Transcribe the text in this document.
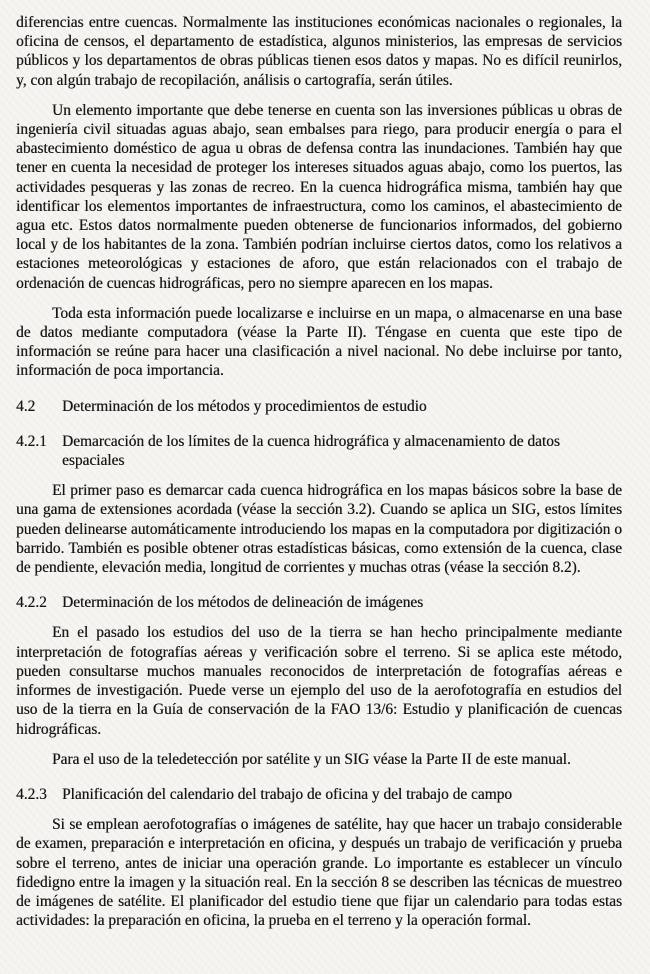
diferencias entre cuencas. Normalmente las instituciones económicas nacionales o regionales, la oficina de censos, el departamento de estadística, algunos ministerios, las empresas de servicios públicos y los departamentos de obras públicas tienen esos datos y mapas. No es difícil reunirlos, y, con algún trabajo de recopilación, análisis o cartografía, serán útiles.

Un elemento importante que debe tenerse en cuenta son las inversiones públicas u obras de ingeniería civil situadas aguas abajo, sean embalses para riego, para producir energía o para el abastecimiento doméstico de agua u obras de defensa contra las inundaciones. También hay que tener en cuenta la necesidad de proteger los intereses situados aguas abajo, como los puertos, las actividades pesqueras y las zonas de recreo. En la cuenca hidrográfica misma, también hay que identificar los elementos importantes de infraestructura, como los caminos, el abastecimiento de agua etc. Estos datos normalmente pueden obtenerse de funcionarios informados, del gobierno local y de los habitantes de la zona. También podrían incluirse ciertos datos, como los relativos a estaciones meteorológicas y estaciones de aforo, que están relacionados con el trabajo de ordenación de cuencas hidrográficas, pero no siempre aparecen en los mapas.

Toda esta información puede localizarse e incluirse en un mapa, o almacenarse en una base de datos mediante computadora (véase la Parte II). Téngase en cuenta que este tipo de información se reúne para hacer una clasificación a nivel nacional. No debe incluirse por tanto, información de poca importancia.

4.2	Determinación de los métodos y procedimientos de estudio
4.2.1 Demarcación de los límites de la cuenca hidrográfica y almacenamiento de datos espaciales

El primer paso es demarcar cada cuenca hidrográfica en los mapas básicos sobre la base de una gama de extensiones acordada (véase la sección 3.2). Cuando se aplica un SIG, estos límites pueden delinearse automáticamente introduciendo los mapas en la computadora por digitización o barrido. También es posible obtener otras estadísticas básicas, como extensión de la cuenca, clase de pendiente, elevación media, longitud de corrientes y muchas otras (véase la sección 8.2).

4.2.2 Determinación de los métodos de delineación de imágenes

En el pasado los estudios del uso de la tierra se han hecho principalmente mediante interpretación de fotografías aéreas y verificación sobre el terreno. Si se aplica este método, pueden consultarse muchos manuales reconocidos de interpretación de fotografías aéreas e informes de investigación. Puede verse un ejemplo del uso de la aerofotografía en estudios del uso de la tierra en la Guía de conservación de la FAO 13/6: Estudio y planificación de cuencas hidrográficas.

Para el uso de la teledetección por satélite y un SIG véase la Parte II de este manual.

4.2.3 Planificación del calendario del trabajo de oficina y del trabajo de campo

Si se emplean aerofotografías o imágenes de satélite, hay que hacer un trabajo considerable de examen, preparación e interpretación en oficina, y después un trabajo de verificación y prueba sobre el terreno, antes de iniciar una operación grande. Lo importante es establecer un vínculo fidedigno entre la imagen y la situación real. En la sección 8 se describen las técnicas de muestreo de imágenes de satélite. El planificador del estudio tiene que fijar un calendario para todas estas actividades: la preparación en oficina, la prueba en el terreno y la operación formal.
